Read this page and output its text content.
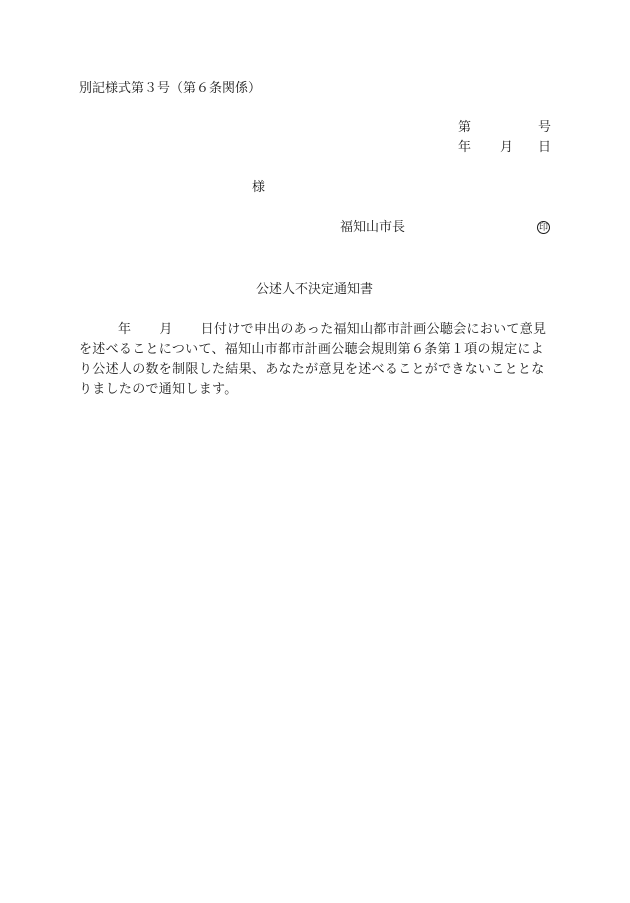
別記様式第３号（第６条関係）
第	号
年 月 日
様
福知山市長	印
公述人不決定通知書
年 月 日付けで申出のあった福知山都市計画公聴会において意見
を述べることについて、福知山市都市計画公聴会規則第６条第１項の規定によ
り公述人の数を制限した結果、あなたが意見を述べることができないこととな
りましたので通知します。
